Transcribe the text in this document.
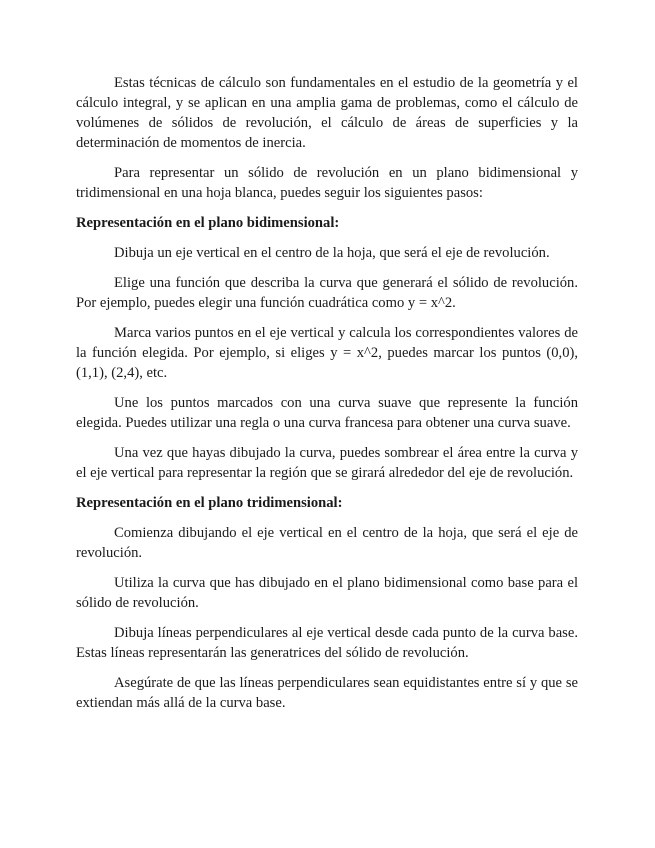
Estas técnicas de cálculo son fundamentales en el estudio de la geometría y el cálculo integral, y se aplican en una amplia gama de problemas, como el cálculo de volúmenes de sólidos de revolución, el cálculo de áreas de superficies y la determinación de momentos de inercia.

Para representar un sólido de revolución en un plano bidimensional y tridimensional en una hoja blanca, puedes seguir los siguientes pasos:

Representación en el plano bidimensional:

Dibuja un eje vertical en el centro de la hoja, que será el eje de revolución.

Elige una función que describa la curva que generará el sólido de revolución. Por ejemplo, puedes elegir una función cuadrática como y = x^2.

Marca varios puntos en el eje vertical y calcula los correspondientes valores de la función elegida. Por ejemplo, si eliges y = x^2, puedes marcar los puntos (0,0), (1,1), (2,4), etc.

Une los puntos marcados con una curva suave que represente la función elegida. Puedes utilizar una regla o una curva francesa para obtener una curva suave.

Una vez que hayas dibujado la curva, puedes sombrear el área entre la curva y el eje vertical para representar la región que se girará alrededor del eje de revolución.

Representación en el plano tridimensional:

Comienza dibujando el eje vertical en el centro de la hoja, que será el eje de revolución.

Utiliza la curva que has dibujado en el plano bidimensional como base para el sólido de revolución.

Dibuja líneas perpendiculares al eje vertical desde cada punto de la curva base. Estas líneas representarán las generatrices del sólido de revolución.

Asegúrate de que las líneas perpendiculares sean equidistantes entre sí y que se extiendan más allá de la curva base.
